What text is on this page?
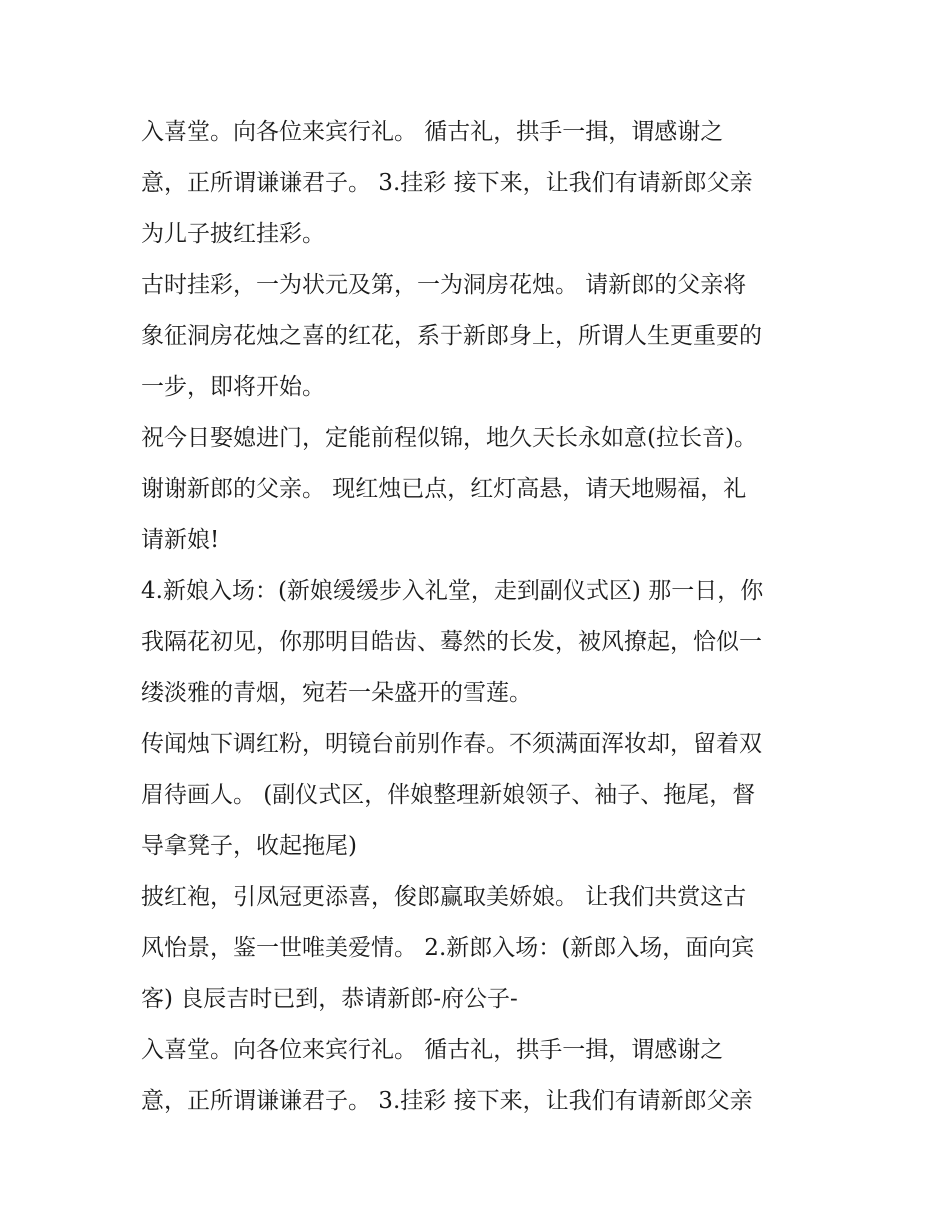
入喜堂。向各位来宾行礼。 循古礼，拱手一揖，谓感谢之
意，正所谓谦谦君子。 3.挂彩 接下来，让我们有请新郎父亲
为儿子披红挂彩。
古时挂彩，一为状元及第，一为洞房花烛。 请新郎的父亲将
象征洞房花烛之喜的红花，系于新郎身上，所谓人生更重要的
一步，即将开始。
祝今日娶媳进门，定能前程似锦，地久天长永如意(拉长音)。
谢谢新郎的父亲。 现红烛已点，红灯高悬，请天地赐福，礼
请新娘!
4.新娘入场：(新娘缓缓步入礼堂，走到副仪式区) 那一日，你
我隔花初见，你那明目皓齿、蓦然的长发，被风撩起，恰似一
缕淡雅的青烟，宛若一朵盛开的雪莲。
传闻烛下调红粉，明镜台前别作春。不须满面浑妆却，留着双
眉待画人。 (副仪式区，伴娘整理新娘领子、袖子、拖尾，督
导拿凳子，收起拖尾)
披红袍，引凤冠更添喜，俊郎赢取美娇娘。 让我们共赏这古
风怡景，鉴一世唯美爱情。 2.新郎入场：(新郎入场，面向宾
客) 良辰吉时已到，恭请新郎-府公子-
入喜堂。向各位来宾行礼。 循古礼，拱手一揖，谓感谢之
意，正所谓谦谦君子。 3.挂彩 接下来，让我们有请新郎父亲
